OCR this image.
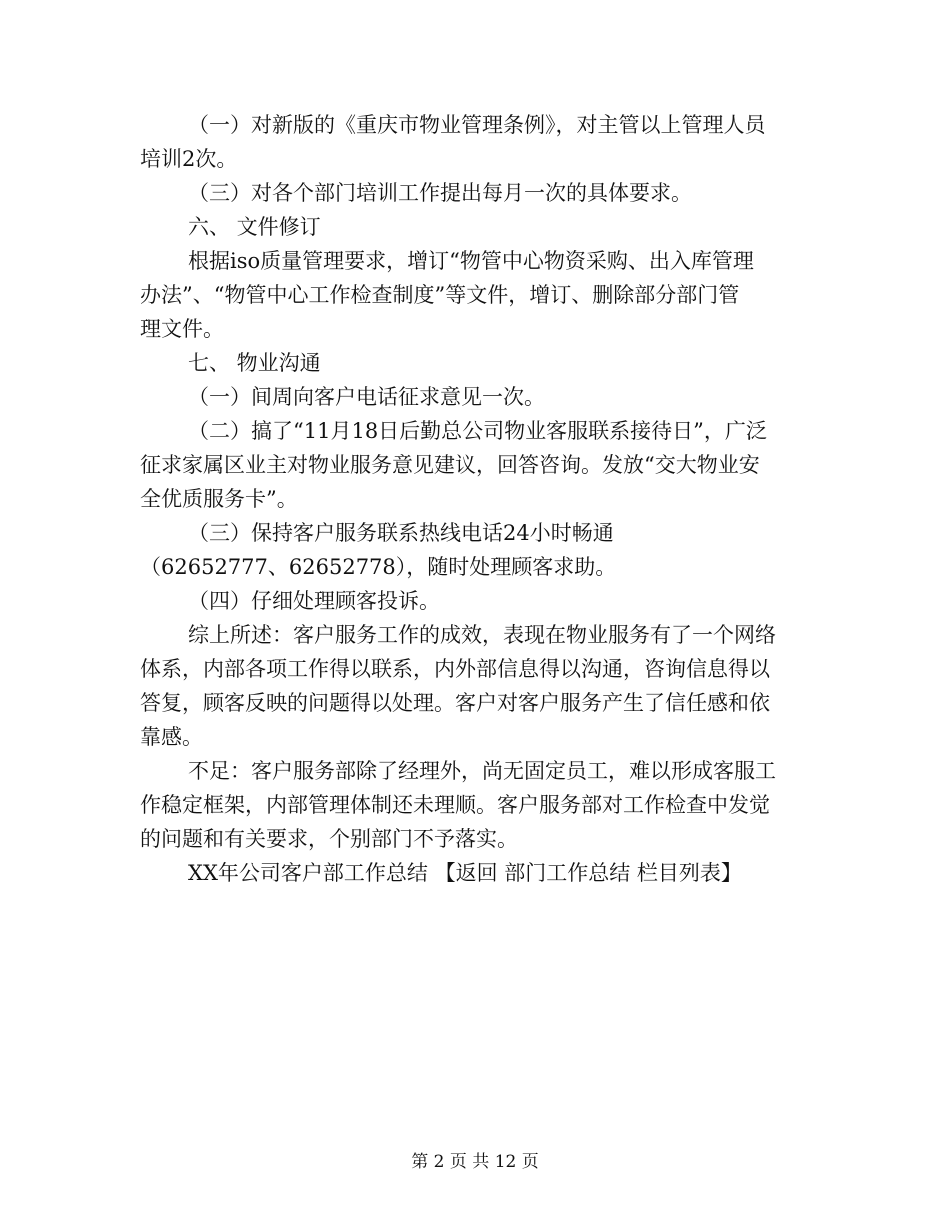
（一）对新版的《重庆市物业管理条例》，对主管以上管理人员
培训2次。
（三）对各个部门培训工作提出每月一次的具体要求。
六、 文件修订
根据iso质量管理要求，增订“物管中心物资采购、出入库管理
办法”、“物管中心工作检查制度”等文件，增订、删除部分部门管
理文件。
七、 物业沟通
（一）间周向客户电话征求意见一次。
（二）搞了“11月18日后勤总公司物业客服联系接待日”，广泛
征求家属区业主对物业服务意见建议，回答咨询。发放“交大物业安
全优质服务卡”。
（三）保持客户服务联系热线电话24小时畅通
（62652777、62652778），随时处理顾客求助。
（四）仔细处理顾客投诉。
综上所述：客户服务工作的成效，表现在物业服务有了一个网络
体系，内部各项工作得以联系，内外部信息得以沟通，咨询信息得以
答复，顾客反映的问题得以处理。客户对客户服务产生了信任感和依
靠感。
不足：客户服务部除了经理外，尚无固定员工，难以形成客服工
作稳定框架，内部管理体制还未理顺。客户服务部对工作检查中发觉
的问题和有关要求，个别部门不予落实。
XX年公司客户部工作总结 【返回 部门工作总结 栏目列表】
第 2 页 共 12 页
